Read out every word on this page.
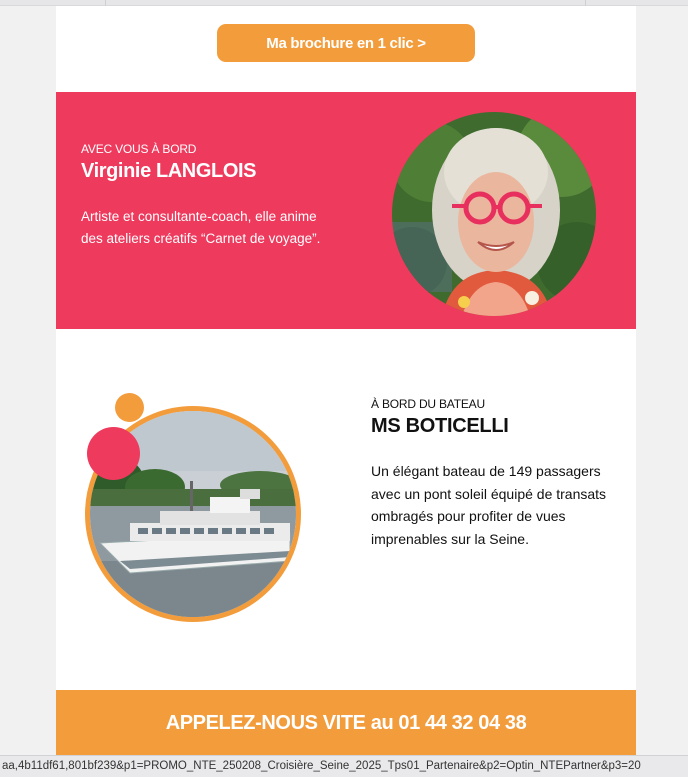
Ma brochure en 1 clic >
AVEC VOUS À BORD
Virginie LANGLOIS
Artiste et consultante-coach, elle anime des ateliers créatifs “Carnet de voyage”.
À BORD DU BATEAU
MS BOTICELLI
Un élégant bateau de 149 passagers avec un pont soleil équipé de transats ombragés pour profiter de vues imprenables sur la Seine.
APPELEZ-NOUS VITE au 01 44 32 04 38
aa,4b11df61,801bf239&p1=PROMO_NTE_250208_Croisière_Seine_2025_Tps01_Partenaire&p2=Optin_NTEPartner&p3=20
